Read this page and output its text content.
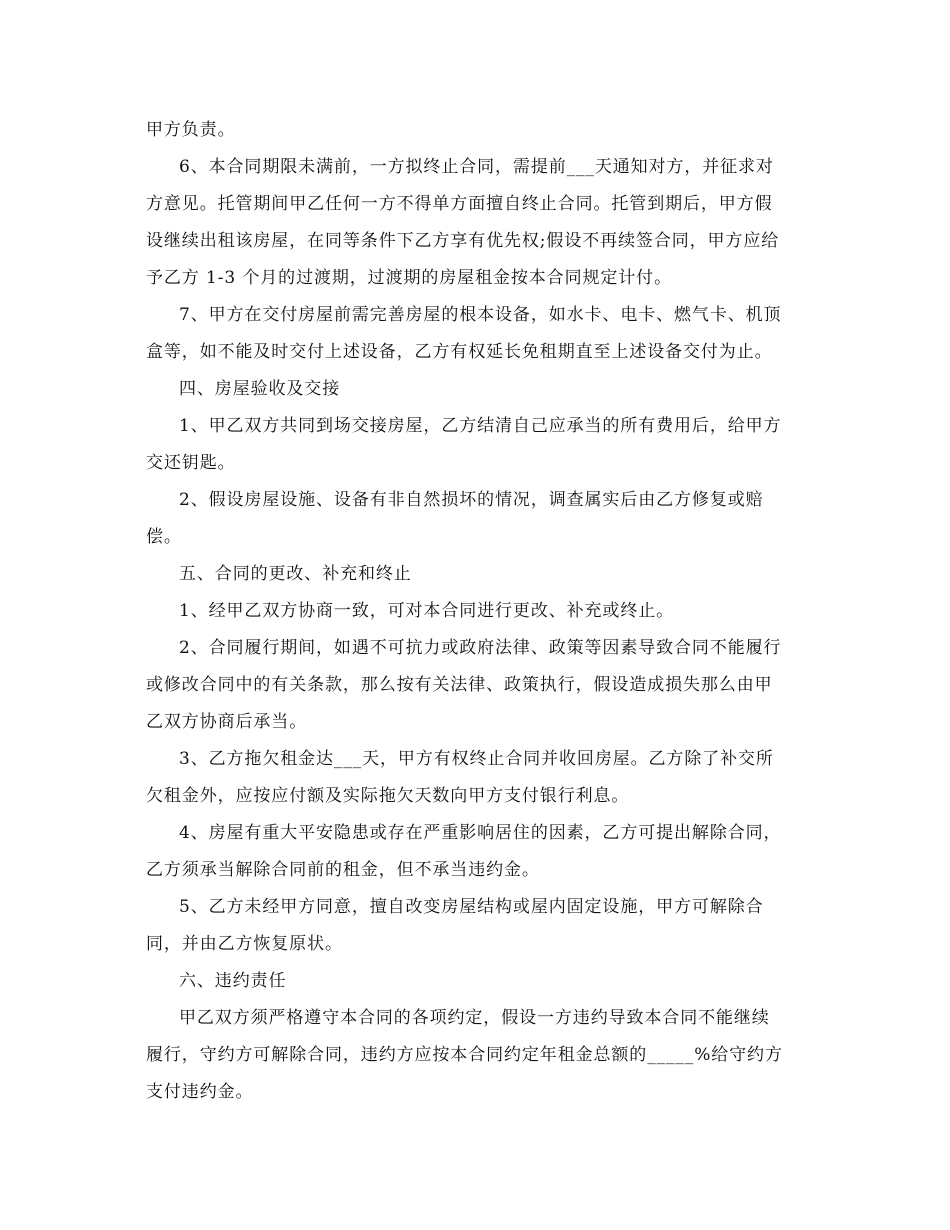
甲方负责。
6、本合同期限未满前，一方拟终止合同，需提前___天通知对方，并征求对
方意见。托管期间甲乙任何一方不得单方面擅自终止合同。托管到期后，甲方假
设继续出租该房屋，在同等条件下乙方享有优先权;假设不再续签合同，甲方应给
予乙方 1-3 个月的过渡期，过渡期的房屋租金按本合同规定计付。
7、甲方在交付房屋前需完善房屋的根本设备，如水卡、电卡、燃气卡、机顶
盒等，如不能及时交付上述设备，乙方有权延长免租期直至上述设备交付为止。
四、房屋验收及交接
1、甲乙双方共同到场交接房屋，乙方结清自己应承当的所有费用后，给甲方
交还钥匙。
2、假设房屋设施、设备有非自然损坏的情况，调查属实后由乙方修复或赔
偿。
五、合同的更改、补充和终止
1、经甲乙双方协商一致，可对本合同进行更改、补充或终止。
2、合同履行期间，如遇不可抗力或政府法律、政策等因素导致合同不能履行
或修改合同中的有关条款，那么按有关法律、政策执行，假设造成损失那么由甲
乙双方协商后承当。
3、乙方拖欠租金达___天，甲方有权终止合同并收回房屋。乙方除了补交所
欠租金外，应按应付额及实际拖欠天数向甲方支付银行利息。
4、房屋有重大平安隐患或存在严重影响居住的因素，乙方可提出解除合同，
乙方须承当解除合同前的租金，但不承当违约金。
5、乙方未经甲方同意，擅自改变房屋结构或屋内固定设施，甲方可解除合
同，并由乙方恢复原状。
六、违约责任
甲乙双方须严格遵守本合同的各项约定，假设一方违约导致本合同不能继续
履行，守约方可解除合同，违约方应按本合同约定年租金总额的_____%给守约方
支付违约金。
